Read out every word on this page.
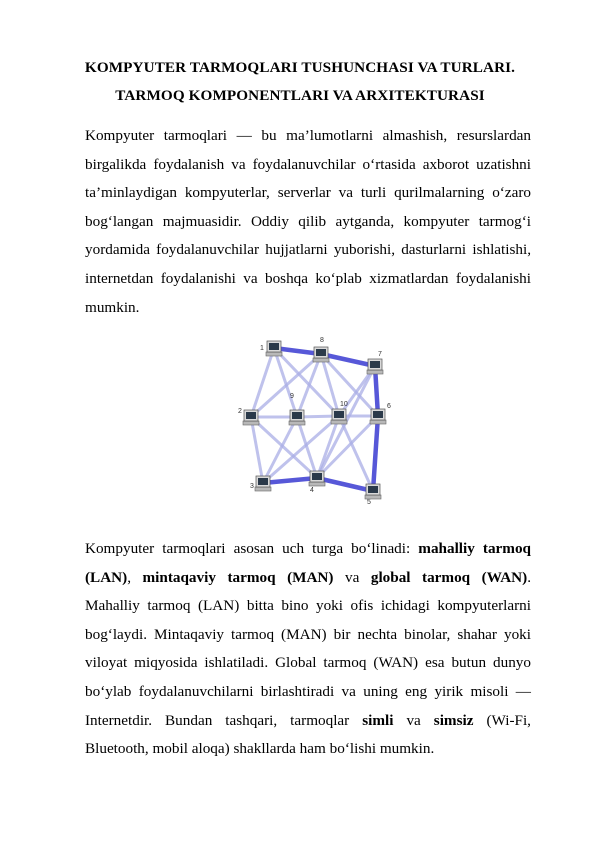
KOMPYUTER TARMOQLARI TUSHUNCHASI VA TURLARI.
TARMOQ KOMPONENTLARI VA ARXITEKTURASI
Kompyuter tarmoqlari — bu ma’lumotlarni almashish, resurslardan birgalikda foydalanish va foydalanuvchilar o‘rtasida axborot uzatishni ta’minlaydigan kompyuterlar, serverlar va turli qurilmalarning o‘zaro bog‘langan majmuasidir. Oddiy qilib aytganda, kompyuter tarmog‘i yordamida foydalanuvchilar hujjatlarni yuborishi, dasturlarni ishlatishi, internetdan foydalanishi va boshqa ko‘plab xizmatlardan foydalanishi mumkin.
1
2
3
4
5
6
7
8
9
10
Kompyuter tarmoqlari asosan uch turga bo‘linadi: mahalliy tarmoq (LAN), mintaqaviy tarmoq (MAN) va global tarmoq (WAN). Mahalliy tarmoq (LAN) bitta bino yoki ofis ichidagi kompyuterlarni bog‘laydi. Mintaqaviy tarmoq (MAN) bir nechta binolar, shahar yoki viloyat miqyosida ishlatiladi. Global tarmoq (WAN) esa butun dunyo bo‘ylab foydalanuvchilarni birlashtiradi va uning eng yirik misoli — Internetdir. Bundan tashqari, tarmoqlar simli va simsiz (Wi-Fi, Bluetooth, mobil aloqa) shakllarda ham bo‘lishi mumkin.
